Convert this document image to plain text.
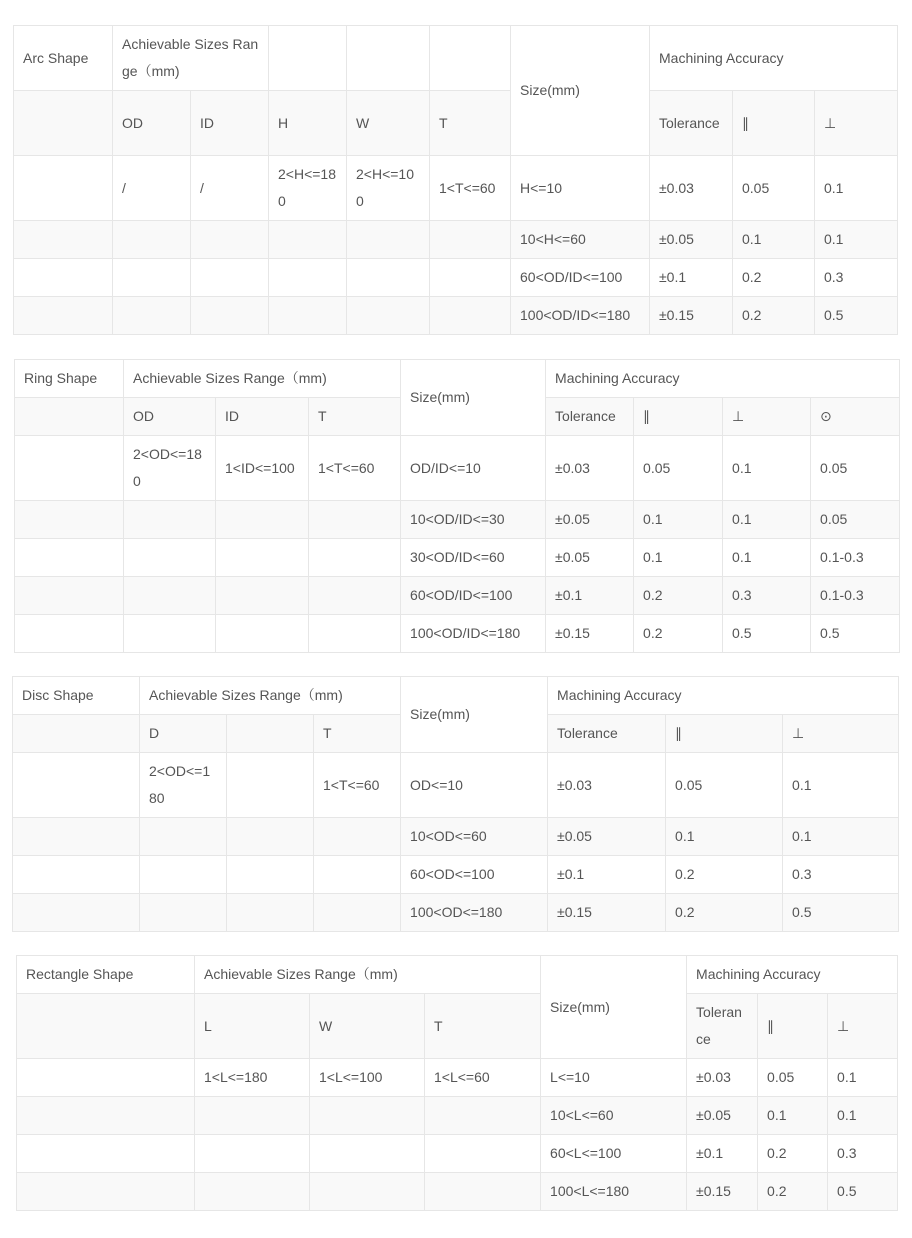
Arc Shape	Achievable Sizes Range（mm)					Size(mm)	Machining Accuracy		
	OD	ID	H	W	T		Tolerance	∥	⊥
	/	/	2<H<=180	2<H<=100	1<T<=60	H<=10	±0.03	0.05	0.1
						10<H<=60	±0.05	0.1	0.1
						60<OD/ID<=100	±0.1	0.2	0.3
						100<OD/ID<=180	±0.15	0.2	0.5
Ring Shape	Achievable Sizes Range（mm)			Size(mm)	Machining Accuracy			
	OD	ID	T		Tolerance	∥	⊥	⊙
	2<OD<=180	1<ID<=100	1<T<=60	OD/ID<=10	±0.03	0.05	0.1	0.05
				10<OD/ID<=30	±0.05	0.1	0.1	0.05
				30<OD/ID<=60	±0.05	0.1	0.1	0.1-0.3
				60<OD/ID<=100	±0.1	0.2	0.3	0.1-0.3
				100<OD/ID<=180	±0.15	0.2	0.5	0.5
Disc Shape	Achievable Sizes Range（mm)			Size(mm)	Machining Accuracy		
	D		T		Tolerance	∥	⊥
	2<OD<=180		1<T<=60	OD<=10	±0.03	0.05	0.1
				10<OD<=60	±0.05	0.1	0.1
				60<OD<=100	±0.1	0.2	0.3
				100<OD<=180	±0.15	0.2	0.5
Rectangle Shape	Achievable Sizes Range（mm)			Size(mm)	Machining Accuracy		
	L	W	T		Tolerance	∥	⊥
	1<L<=180	1<L<=100	1<L<=60	L<=10	±0.03	0.05	0.1
				10<L<=60	±0.05	0.1	0.1
				60<L<=100	±0.1	0.2	0.3
				100<L<=180	±0.15	0.2	0.5
